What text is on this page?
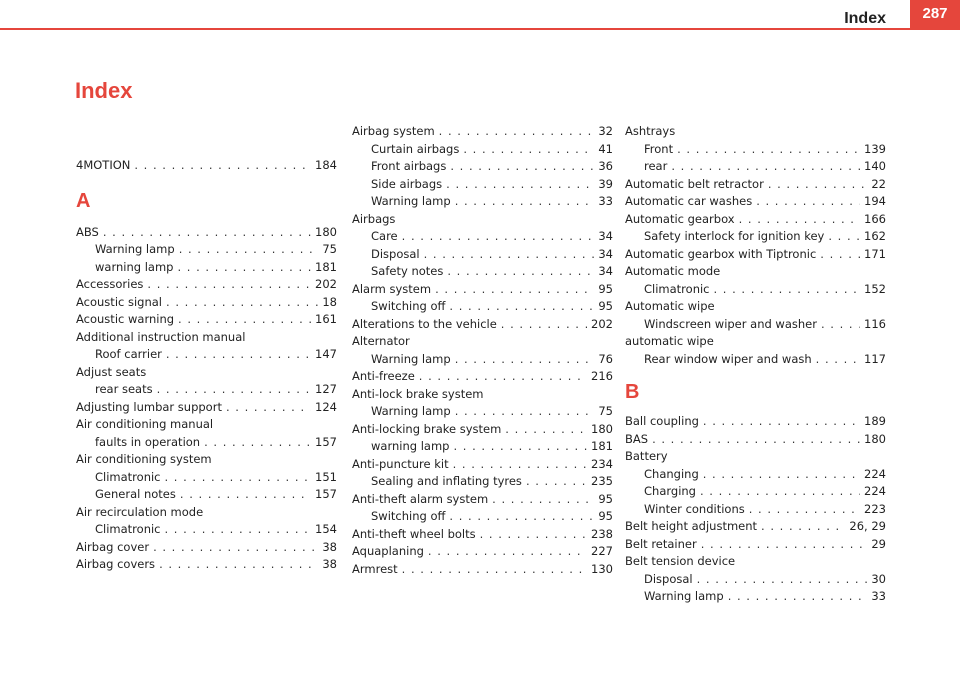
Index	287
Index
4MOTION . . .	184
A
ABS . . .	180
Warning lamp . . .	75
warning lamp . . .	181
Accessories . . .	202
Acoustic signal . . .	18
Acoustic warning . . .	161
Additional instruction manual
Roof carrier . . .	147
Adjust seats
rear seats . . .	127
Adjusting lumbar support . . .	124
Air conditioning manual
faults in operation . . .	157
Air conditioning system
Climatronic . . .	151
General notes . . .	157
Air recirculation mode
Climatronic . . .	154
Airbag cover . . .	38
Airbag covers . . .	38
Airbag system . . .	32
Curtain airbags . . .	41
Front airbags . . .	36
Side airbags . . .	39
Warning lamp . . .	33
Airbags
Care . . .	34
Disposal . . .	34
Safety notes . . .	34
Alarm system . . .	95
Switching off . . .	95
Alterations to the vehicle . . .	202
Alternator
Warning lamp . . .	76
Anti-freeze . . .	216
Anti-lock brake system
Warning lamp . . .	75
Anti-locking brake system . . .	180
warning lamp . . .	181
Anti-puncture kit . . .	234
Sealing and inflating tyres . . .	235
Anti-theft alarm system . . .	95
Switching off . . .	95
Anti-theft wheel bolts . . .	238
Aquaplaning . . .	227
Armrest . . .	130
Ashtrays
Front . . .	139
rear . . .	140
Automatic belt retractor . . .	22
Automatic car washes . . .	194
Automatic gearbox . . .	166
Safety interlock for ignition key . . .	162
Automatic gearbox with Tiptronic . . .	171
Automatic mode
Climatronic . . .	152
Automatic wipe
Windscreen wiper and washer . . .	116
automatic wipe
Rear window wiper and wash . . .	117
B
Ball coupling . . .	189
BAS . . .	180
Battery
Changing . . .	224
Charging . . .	224
Winter conditions . . .	223
Belt height adjustment . . .	26, 29
Belt retainer . . .	29
Belt tension device
Disposal . . .	30
Warning lamp . . .	33
